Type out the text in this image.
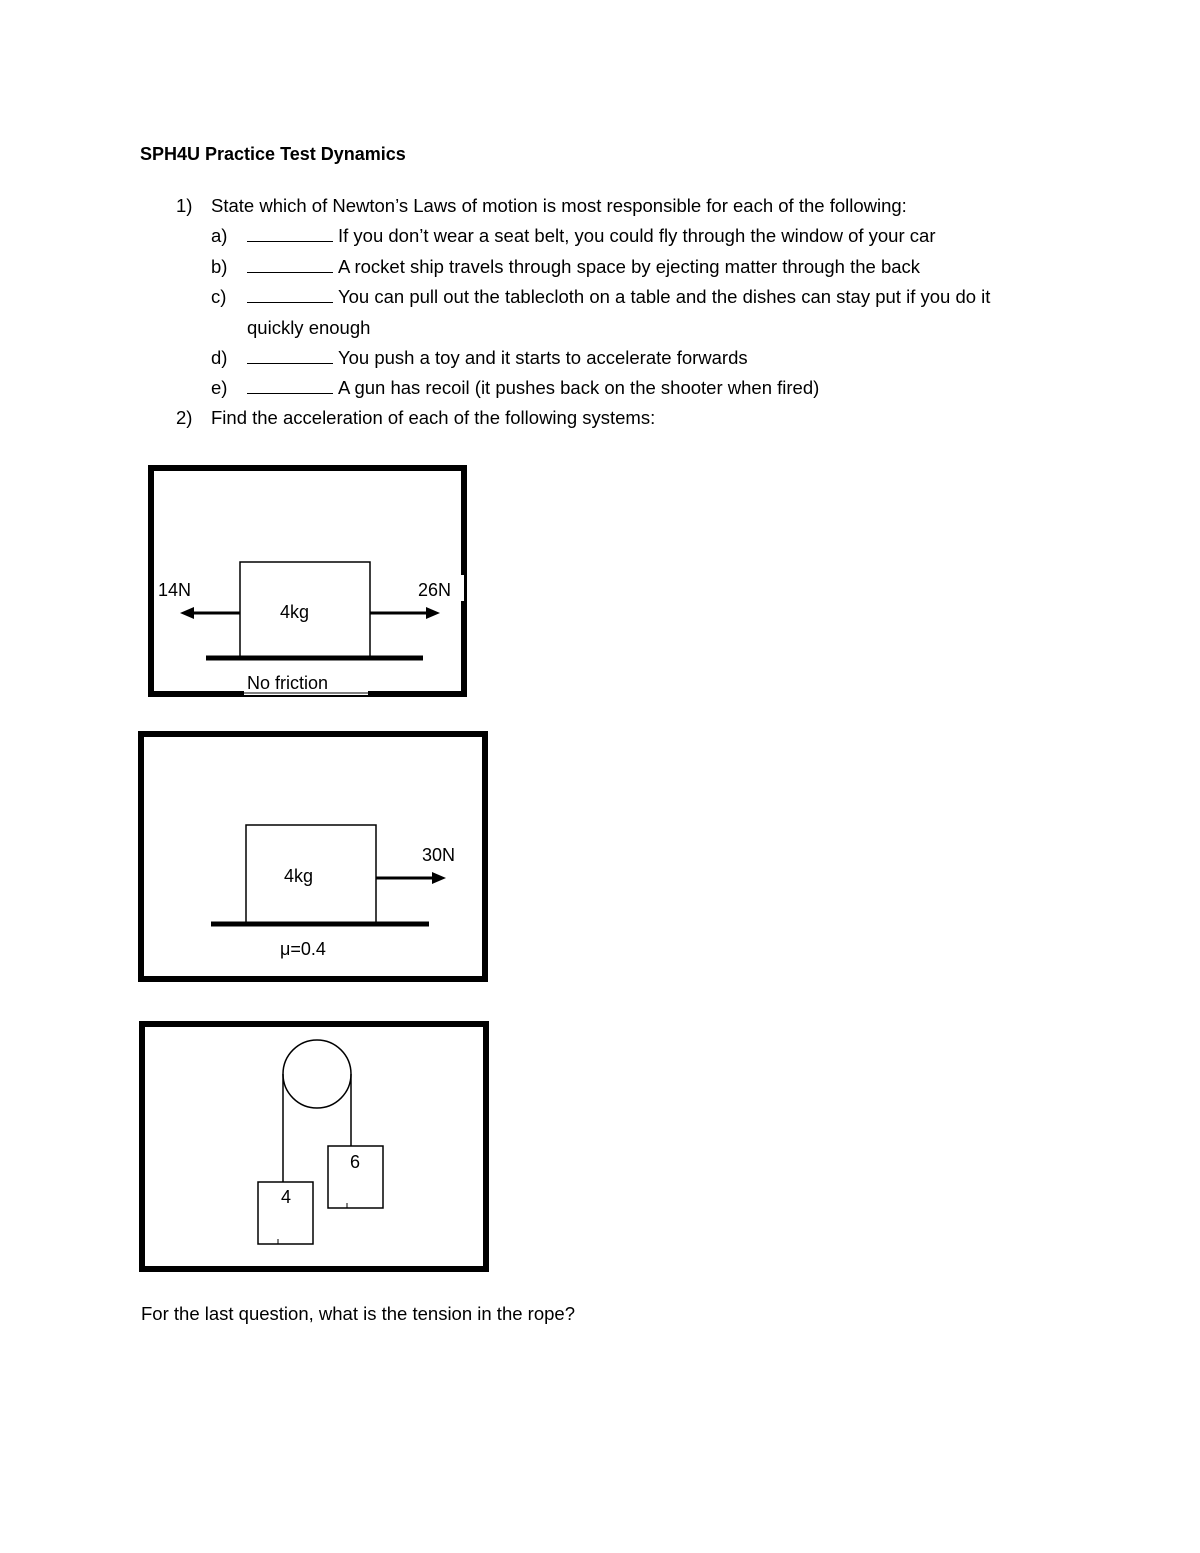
SPH4U Practice Test Dynamics
1) State which of Newton’s Laws of motion is most responsible for each of the following:
a)	If you don’t wear a seat belt, you could fly through the window of your car
b)	A rocket ship travels through space by ejecting matter through the back
c)	You can pull out the tablecloth on a table and the dishes can stay put if you do it
quickly enough
d)	You push a toy and it starts to accelerate forwards
e)	A gun has recoil (it pushes back on the shooter when fired)
2) Find the acceleration of each of the following systems:
14N	26N
4kg
No friction
30N
4kg
μ=0.4
4
6
For the last question, what is the tension in the rope?
